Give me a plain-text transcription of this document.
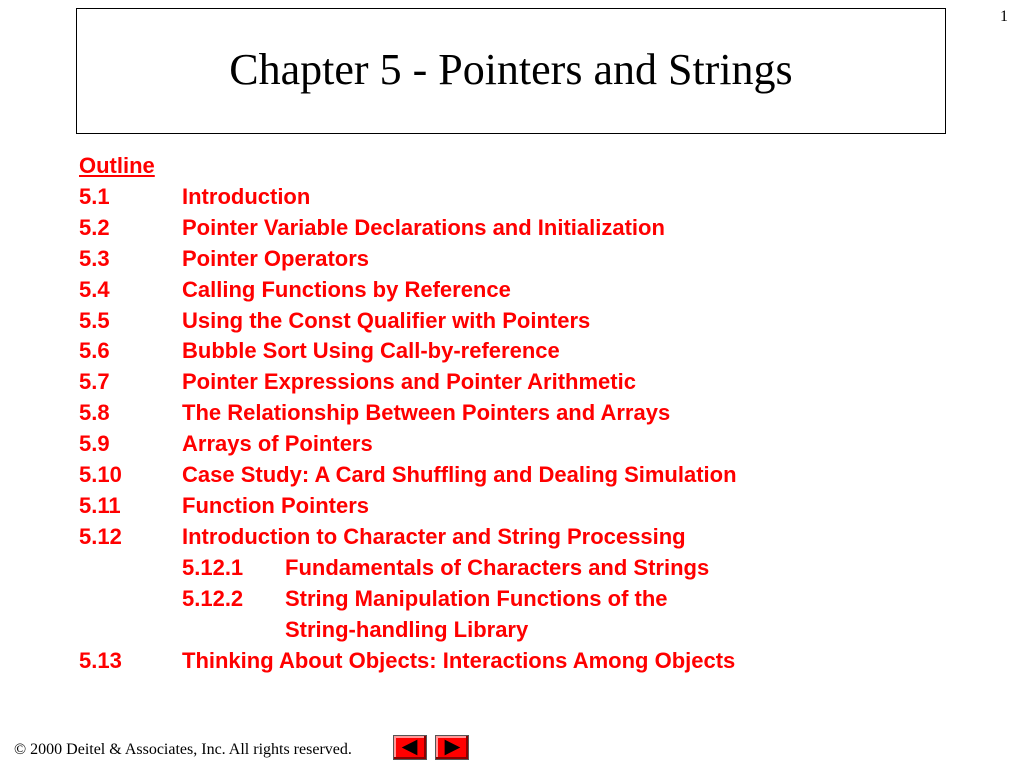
1
Chapter 5 - Pointers and Strings
Outline
5.1	Introduction
5.2	Pointer Variable Declarations and Initialization
5.3	Pointer Operators
5.4	Calling Functions by Reference
5.5	Using the Const Qualifier with Pointers
5.6	Bubble Sort Using Call-by-reference
5.7	Pointer Expressions and Pointer Arithmetic
5.8	The Relationship Between Pointers and Arrays
5.9	Arrays of Pointers
5.10	Case Study: A Card Shuffling and Dealing Simulation
5.11	Function Pointers
5.12	Introduction to Character and String Processing
5.12.1	Fundamentals of Characters and Strings
5.12.2	String Manipulation Functions of the
String-handling Library
5.13	Thinking About Objects: Interactions Among Objects
© 2000 Deitel & Associates, Inc. All rights reserved.
